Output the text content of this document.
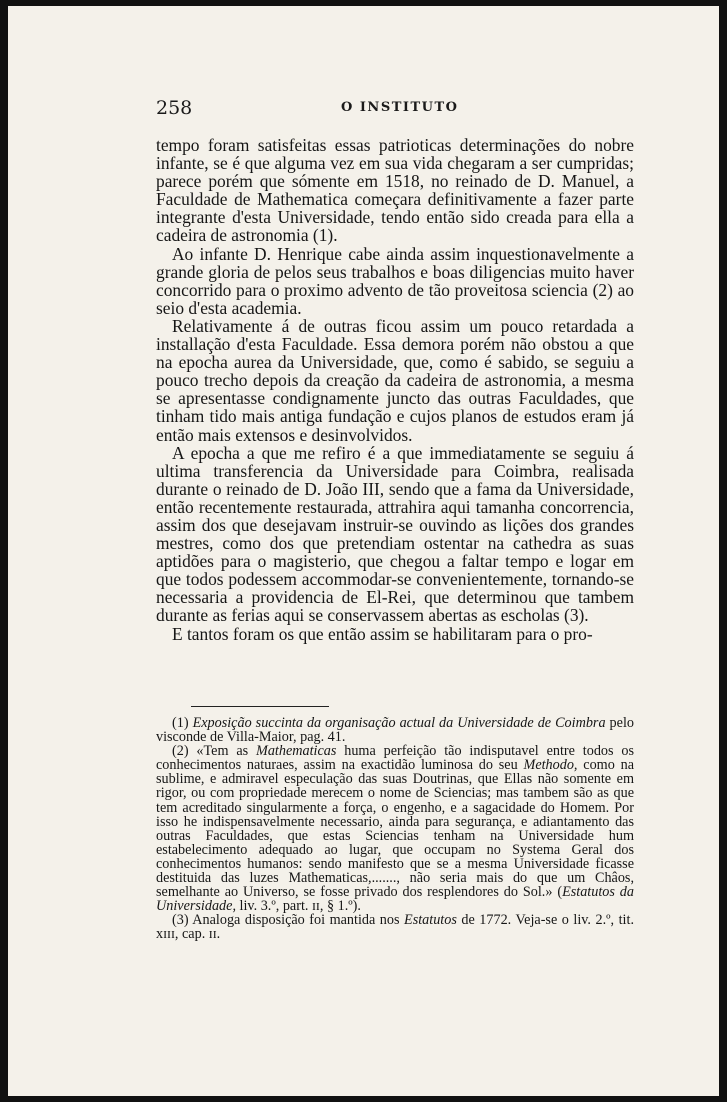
258	O INSTITUTO

tempo foram satisfeitas essas patrioticas determinações do nobre infante, se é que alguma vez em sua vida chegaram a ser cumpridas; parece porém que sómente em 1518, no reinado de D. Manuel, a Faculdade de Mathematica começara definitivamente a fazer parte integrante d'esta Universidade, tendo então sido creada para ella a cadeira de astronomia (1).

Ao infante D. Henrique cabe ainda assim inquestionavelmente a grande gloria de pelos seus trabalhos e boas diligencias muito haver concorrido para o proximo advento de tão proveitosa sciencia (2) ao seio d'esta academia.

Relativamente á de outras ficou assim um pouco retardada a installação d'esta Faculdade. Essa demora porém não obstou a que na epocha aurea da Universidade, que, como é sabido, se seguiu a pouco trecho depois da creação da cadeira de astronomia, a mesma se apresentasse condignamente juncto das outras Faculdades, que tinham tido mais antiga fundação e cujos planos de estudos eram já então mais extensos e desinvolvidos.

A epocha a que me refiro é a que immediatamente se seguiu á ultima transferencia da Universidade para Coimbra, realisada durante o reinado de D. João III, sendo que a fama da Universidade, então recentemente restaurada, attrahira aqui tamanha concorrencia, assim dos que desejavam instruir-se ouvindo as lições dos grandes mestres, como dos que pretendiam ostentar na cathedra as suas aptidões para o magisterio, que chegou a faltar tempo e logar em que todos podessem accommodar-se convenientemente, tornando-se necessaria a providencia de El-Rei, que determinou que tambem durante as ferias aqui se conservassem abertas as escholas (3).

E tantos foram os que então assim se habilitaram para o pro-

(1) Exposição succinta da organisação actual da Universidade de Coimbra pelo visconde de Villa-Maior, pag. 41.

(2) «Tem as Mathematicas huma perfeição tão indisputavel entre todos os conhecimentos naturaes, assim na exactidão luminosa do seu Methodo, como na sublime, e admiravel especulação das suas Doutrinas, que Ellas não somente em rigor, ou com propriedade merecem o nome de Sciencias; mas tambem são as que tem acreditado singularmente a força, o engenho, e a sagacidade do Homem. Por isso he indispensavelmente necessario, ainda para segurança, e adiantamento das outras Faculdades, que estas Sciencias tenham na Universidade hum estabelecimento adequado ao lugar, que occupam no Systema Geral dos conhecimentos humanos: sendo manifesto que se a mesma Universidade ficasse destituida das luzes Mathematicas,......., não seria mais do que um Châos, semelhante ao Universo, se fosse privado dos resplendores do Sol.» (Estatutos da Universidade, liv. 3.º, part. ɪɪ, § 1.º).

(3) Analoga disposição foi mantida nos Estatutos de 1772. Veja-se o liv. 2.º, tit. xɪɪɪ, cap. ɪɪ.
